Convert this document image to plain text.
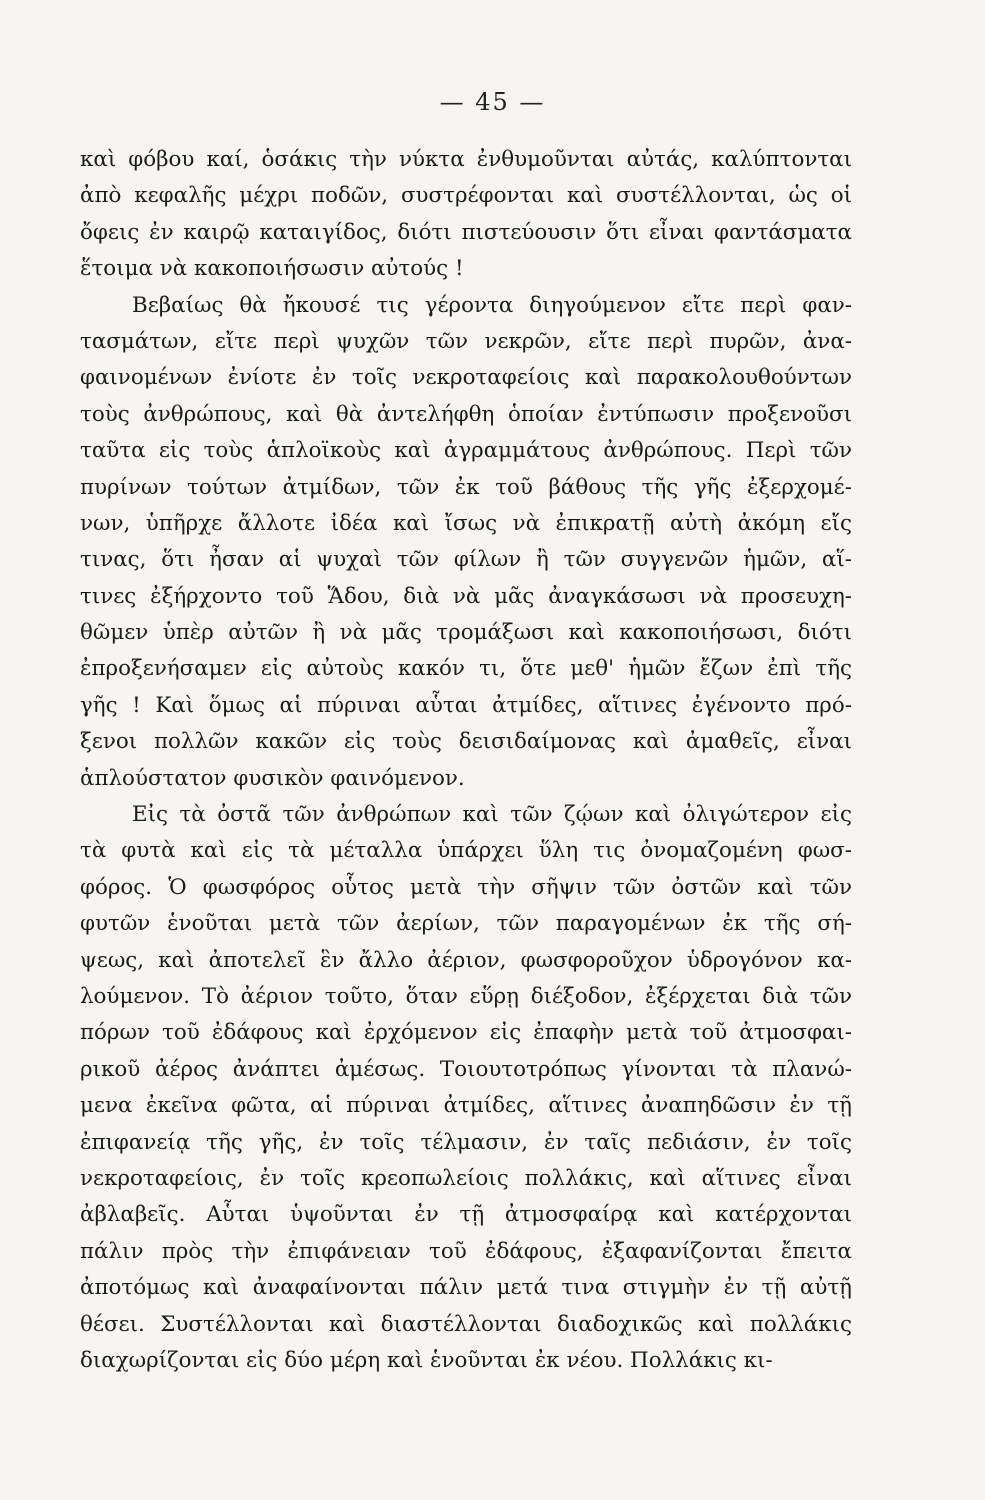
— 45 —
καὶ φόβου καί, ὁσάκις τὴν νύκτα ἐνθυμοῦνται αὐτάς, καλύπτονται
ἀπὸ κεφαλῆς μέχρι ποδῶν, συστρέφονται καὶ συστέλλονται, ὡς οἱ
ὄφεις ἐν καιρῷ καταιγίδος, διότι πιστεύουσιν ὅτι εἶναι φαντάσματα
ἕτοιμα νὰ κακοποιήσωσιν αὐτούς !
Βεβαίως θὰ ἤκουσέ τις γέροντα διηγούμενον εἴτε περὶ φαν-
τασμάτων, εἴτε περὶ ψυχῶν τῶν νεκρῶν, εἴτε περὶ πυρῶν, ἀνα-
φαινομένων ἐνίοτε ἐν τοῖς νεκροταφείοις καὶ παρακολουθούντων
τοὺς ἀνθρώπους, καὶ θὰ ἀντελήφθη ὁποίαν ἐντύπωσιν προξενοῦσι
ταῦτα εἰς τοὺς ἁπλοϊκοὺς καὶ ἀγραμμάτους ἀνθρώπους. Περὶ τῶν
πυρίνων τούτων ἀτμίδων, τῶν ἐκ τοῦ βάθους τῆς γῆς ἐξερχομέ-
νων, ὑπῆρχε ἄλλοτε ἰδέα καὶ ἴσως νὰ ἐπικρατῇ αὐτὴ ἀκόμη εἴς
τινας, ὅτι ἦσαν αἱ ψυχαὶ τῶν φίλων ἢ τῶν συγγενῶν ἡμῶν, αἵ-
τινες ἐξήρχοντο τοῦ Ἅδου, διὰ νὰ μᾶς ἀναγκάσωσι νὰ προσευχη-
θῶμεν ὑπὲρ αὐτῶν ἢ νὰ μᾶς τρομάξωσι καὶ κακοποιήσωσι, διότι
ἐπροξενήσαμεν εἰς αὐτοὺς κακόν τι, ὅτε μεθ' ἡμῶν ἔζων ἐπὶ τῆς
γῆς ! Καὶ ὅμως αἱ πύριναι αὗται ἀτμίδες, αἵτινες ἐγένοντο πρό-
ξενοι πολλῶν κακῶν εἰς τοὺς δεισιδαίμονας καὶ ἀμαθεῖς, εἶναι
ἁπλούστατον φυσικὸν φαινόμενον.
Εἰς τὰ ὀστᾶ τῶν ἀνθρώπων καὶ τῶν ζῴων καὶ ὀλιγώτερον εἰς
τὰ φυτὰ καὶ εἰς τὰ μέταλλα ὑπάρχει ὕλη τις ὀνομαζομένη φωσ-
φόρος. Ὁ φωσφόρος οὗτος μετὰ τὴν σῆψιν τῶν ὀστῶν καὶ τῶν
φυτῶν ἑνοῦται μετὰ τῶν ἀερίων, τῶν παραγομένων ἐκ τῆς σή-
ψεως, καὶ ἀποτελεῖ ἓν ἄλλο ἀέριον, φωσφοροῦχον ὑδρογόνον κα-
λούμενον. Τὸ ἀέριον τοῦτο, ὅταν εὕρῃ διέξοδον, ἐξέρχεται διὰ τῶν
πόρων τοῦ ἐδάφους καὶ ἐρχόμενον εἰς ἐπαφὴν μετὰ τοῦ ἀτμοσφαι-
ρικοῦ ἀέρος ἀνάπτει ἀμέσως. Τοιουτοτρόπως γίνονται τὰ πλανώ-
μενα ἐκεῖνα φῶτα, αἱ πύριναι ἀτμίδες, αἵτινες ἀναπηδῶσιν ἐν τῇ
ἐπιφανείᾳ τῆς γῆς, ἐν τοῖς τέλμασιν, ἐν ταῖς πεδιάσιν, ἐν τοῖς
νεκροταφείοις, ἐν τοῖς κρεοπωλείοις πολλάκις, καὶ αἵτινες εἶναι
ἀβλαβεῖς. Αὗται ὑψοῦνται ἐν τῇ ἀτμοσφαίρᾳ καὶ κατέρχονται
πάλιν πρὸς τὴν ἐπιφάνειαν τοῦ ἐδάφους, ἐξαφανίζονται ἔπειτα
ἀποτόμως καὶ ἀναφαίνονται πάλιν μετά τινα στιγμὴν ἐν τῇ αὐτῇ
θέσει. Συστέλλονται καὶ διαστέλλονται διαδοχικῶς καὶ πολλάκις
διαχωρίζονται εἰς δύο μέρη καὶ ἑνοῦνται ἐκ νέου. Πολλάκις κι-
